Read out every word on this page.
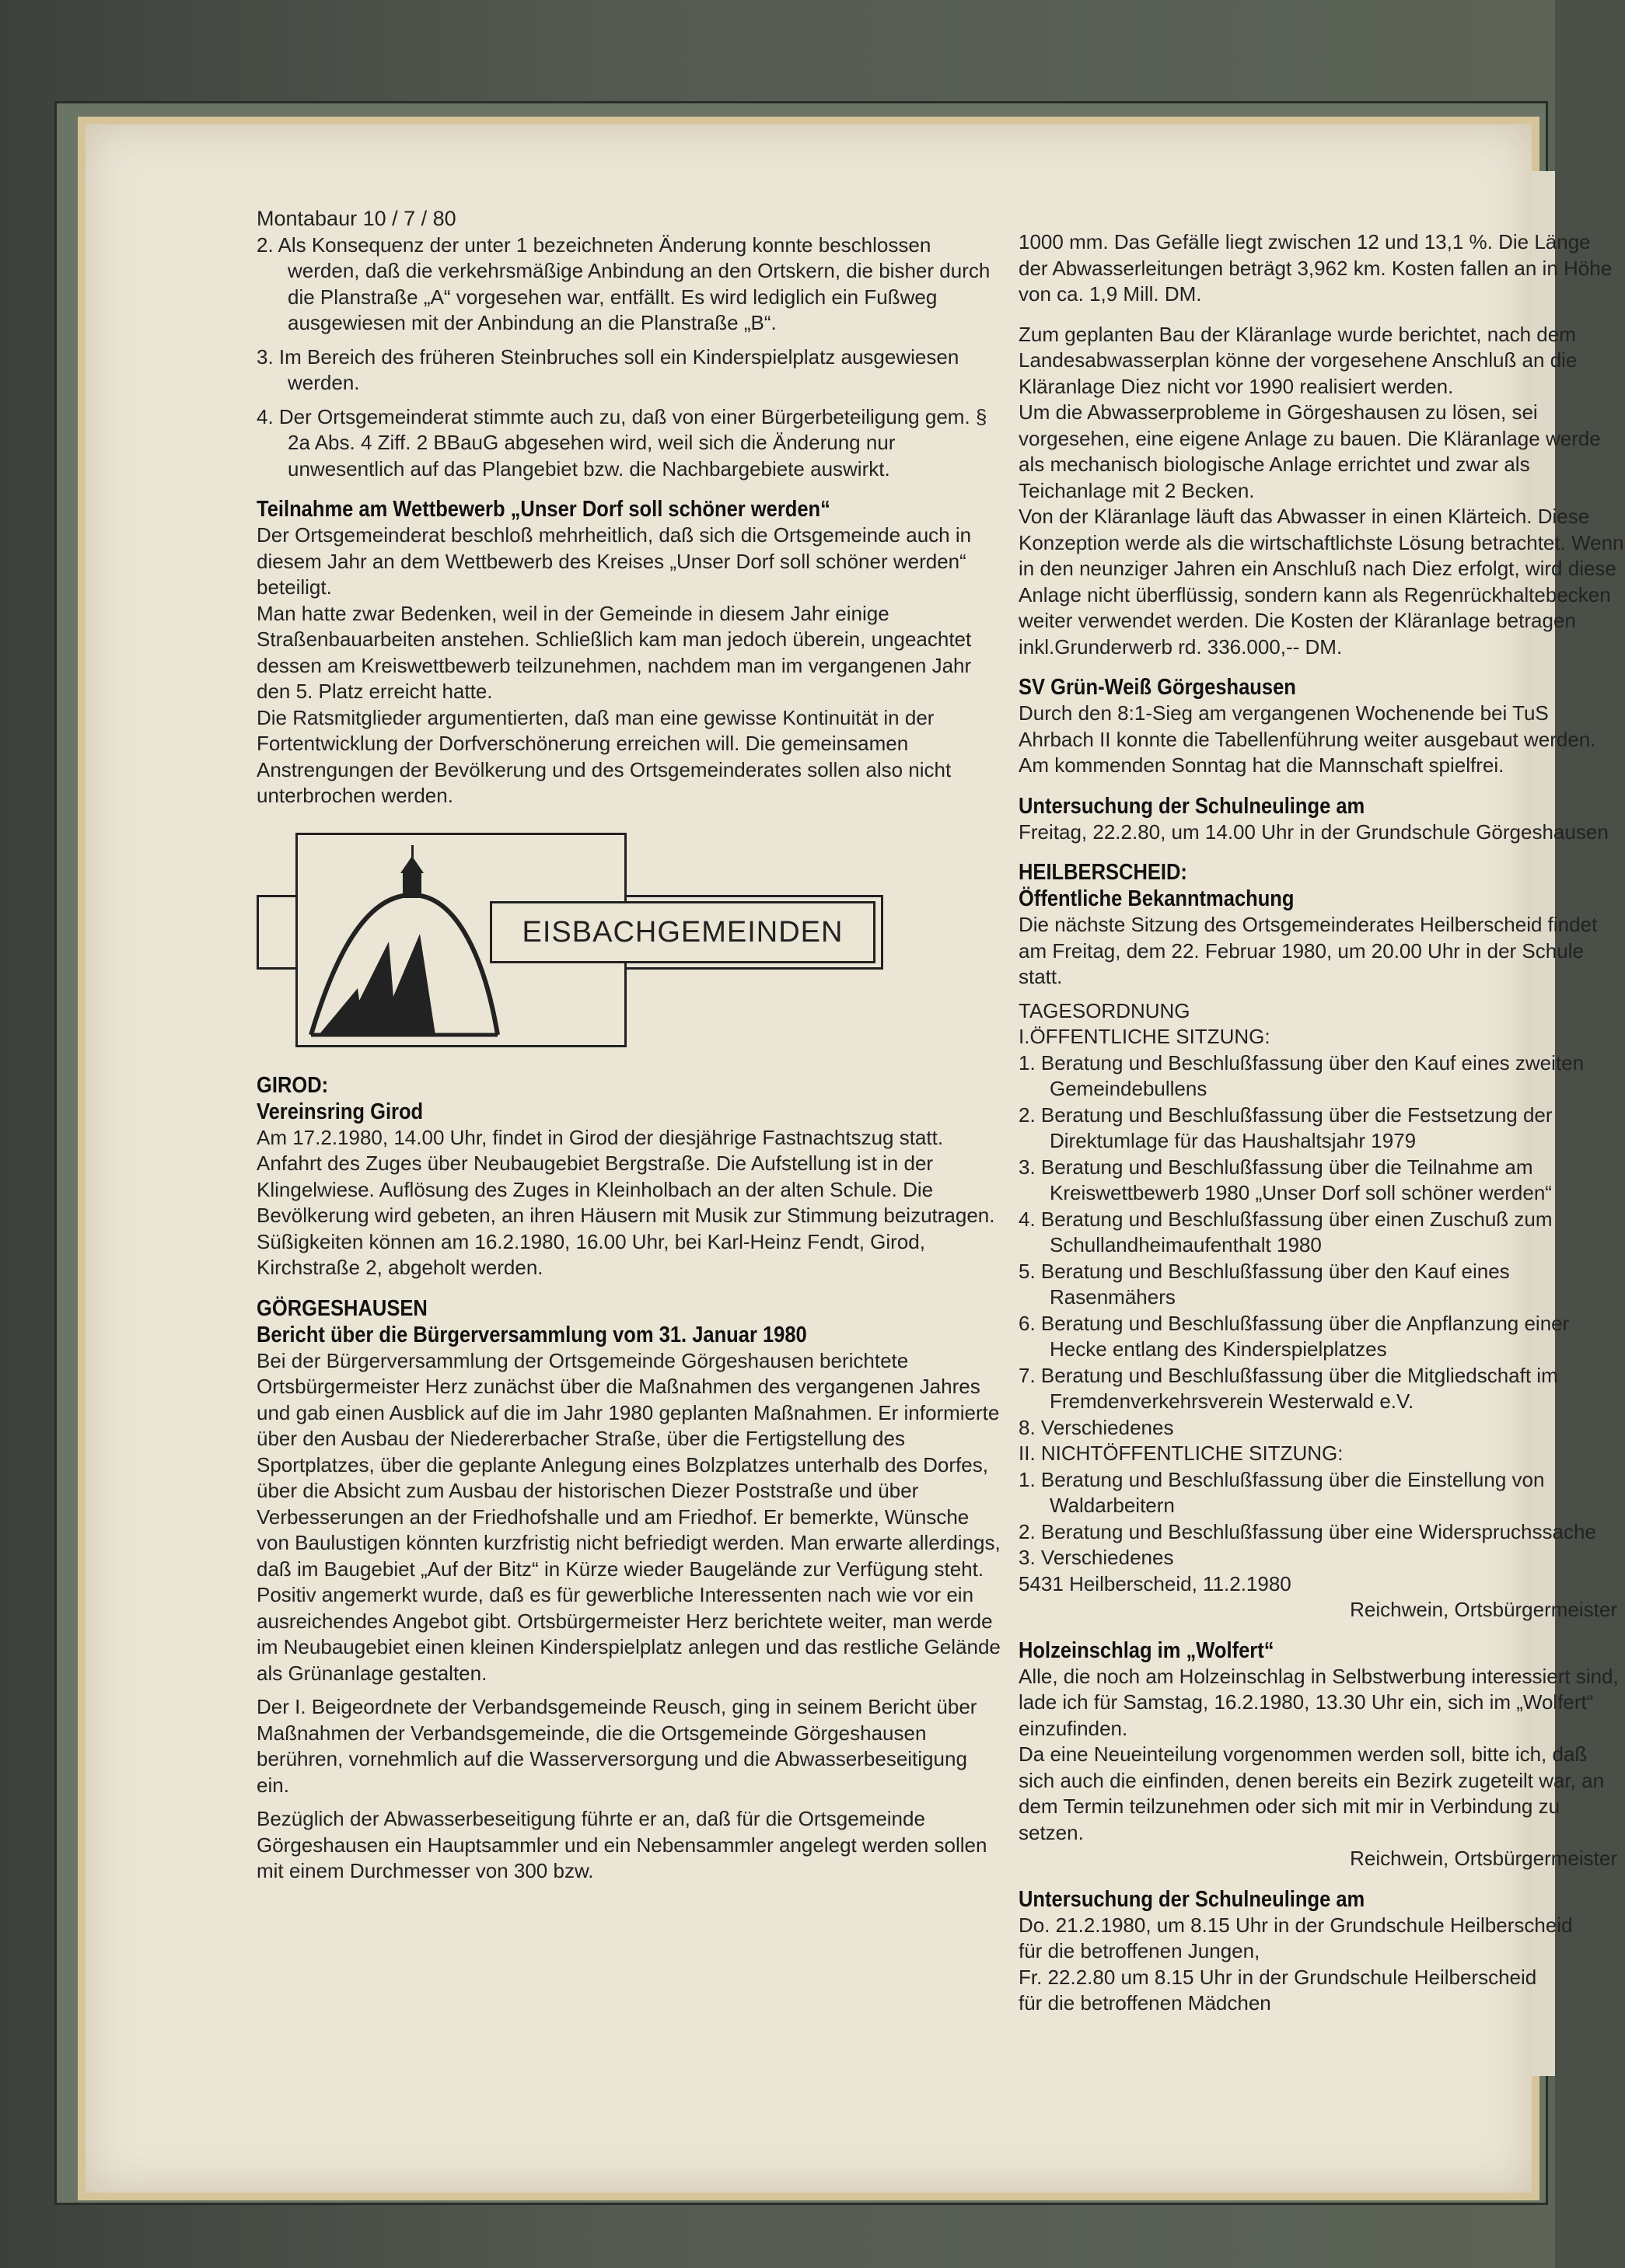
Montabaur 10 / 7 / 80

2. Als Konsequenz der unter 1 bezeichneten Änderung konnte beschlossen werden, daß die verkehrsmäßige Anbindung an den Ortskern, die bisher durch die Planstraße „A“ vorgesehen war, entfällt. Es wird lediglich ein Fußweg ausgewiesen mit der Anbindung an die Planstraße „B“.

3. Im Bereich des früheren Steinbruches soll ein Kinderspielplatz ausgewiesen werden.

4. Der Ortsgemeinderat stimmte auch zu, daß von einer Bürgerbeteiligung gem. § 2a Abs. 4 Ziff. 2 BBauG abgesehen wird, weil sich die Änderung nur unwesentlich auf das Plangebiet bzw. die Nachbargebiete auswirkt.

Teilnahme am Wettbewerb „Unser Dorf soll schöner werden“

Der Ortsgemeinderat beschloß mehrheitlich, daß sich die Ortsgemeinde auch in diesem Jahr an dem Wettbewerb des Kreises „Unser Dorf soll schöner werden“ beteiligt.

Man hatte zwar Bedenken, weil in der Gemeinde in diesem Jahr einige Straßenbauarbeiten anstehen. Schließlich kam man jedoch überein, ungeachtet dessen am Kreiswettbewerb teilzunehmen, nachdem man im vergangenen Jahr den 5. Platz erreicht hatte.

Die Ratsmitglieder argumentierten, daß man eine gewisse Kontinuität in der Fortentwicklung der Dorfverschönerung erreichen will. Die gemeinsamen Anstrengungen der Bevölkerung und des Ortsgemeinderates sollen also nicht unterbrochen werden.

EISBACHGEMEINDEN

GIROD:

Vereinsring Girod

Am 17.2.1980, 14.00 Uhr, findet in Girod der diesjährige Fastnachtszug statt. Anfahrt des Zuges über Neubaugebiet Bergstraße. Die Aufstellung ist in der Klingelwiese. Auflösung des Zuges in Kleinholbach an der alten Schule. Die Bevölkerung wird gebeten, an ihren Häusern mit Musik zur Stimmung beizutragen. Süßigkeiten können am 16.2.1980, 16.00 Uhr, bei Karl-Heinz Fendt, Girod, Kirchstraße 2, abgeholt werden.

GÖRGESHAUSEN

Bericht über die Bürgerversammlung vom 31. Januar 1980

Bei der Bürgerversammlung der Ortsgemeinde Görgeshausen berichtete Ortsbürgermeister Herz zunächst über die Maßnahmen des vergangenen Jahres und gab einen Ausblick auf die im Jahr 1980 geplanten Maßnahmen. Er informierte über den Ausbau der Niedererbacher Straße, über die Fertigstellung des Sportplatzes, über die geplante Anlegung eines Bolzplatzes unterhalb des Dorfes, über die Absicht zum Ausbau der historischen Diezer Poststraße und über Verbesserungen an der Friedhofshalle und am Friedhof. Er bemerkte, Wünsche von Baulustigen könnten kurzfristig nicht befriedigt werden. Man erwarte allerdings, daß im Baugebiet „Auf der Bitz“ in Kürze wieder Baugelände zur Verfügung steht. Positiv angemerkt wurde, daß es für gewerbliche Interessenten nach wie vor ein ausreichendes Angebot gibt. Ortsbürgermeister Herz berichtete weiter, man werde im Neubaugebiet einen kleinen Kinderspielplatz anlegen und das restliche Gelände als Grünanlage gestalten.

Der I. Beigeordnete der Verbandsgemeinde Reusch, ging in seinem Bericht über Maßnahmen der Verbandsgemeinde, die die Ortsgemeinde Görgeshausen berühren, vornehmlich auf die Wasserversorgung und die Abwasserbeseitigung ein.

Bezüglich der Abwasserbeseitigung führte er an, daß für die Ortsgemeinde Görgeshausen ein Hauptsammler und ein Nebensammler angelegt werden sollen mit einem Durchmesser von 300 bzw.

1000 mm. Das Gefälle liegt zwischen 12 und 13,1 %. Die Länge der Abwasserleitungen beträgt 3,962 km. Kosten fallen an in Höhe von ca. 1,9 Mill. DM.

Zum geplanten Bau der Kläranlage wurde berichtet, nach dem Landesabwasserplan könne der vorgesehene Anschluß an die Kläranlage Diez nicht vor 1990 realisiert werden.

Um die Abwasserprobleme in Görgeshausen zu lösen, sei vorgesehen, eine eigene Anlage zu bauen. Die Kläranlage werde als mechanisch biologische Anlage errichtet und zwar als Teichanlage mit 2 Becken.

Von der Kläranlage läuft das Abwasser in einen Klärteich. Diese Konzeption werde als die wirtschaftlichste Lösung betrachtet. Wenn in den neunziger Jahren ein Anschluß nach Diez erfolgt, wird diese Anlage nicht überflüssig, sondern kann als Regenrückhaltebecken weiter verwendet werden. Die Kosten der Kläranlage betragen inkl.Grunderwerb rd. 336.000,-- DM.

SV Grün-Weiß Görgeshausen

Durch den 8:1-Sieg am vergangenen Wochenende bei TuS Ahrbach II konnte die Tabellenführung weiter ausgebaut werden. Am kommenden Sonntag hat die Mannschaft spielfrei.

Untersuchung der Schulneulinge am

Freitag, 22.2.80, um 14.00 Uhr in der Grundschule Görgeshausen

HEILBERSCHEID:

Öffentliche Bekanntmachung

Die nächste Sitzung des Ortsgemeinderates Heilberscheid findet am Freitag, dem 22. Februar 1980, um 20.00 Uhr in der Schule statt.

TAGESORDNUNG

I.ÖFFENTLICHE SITZUNG:

1. Beratung und Beschlußfassung über den Kauf eines zweiten Gemeindebullens

2. Beratung und Beschlußfassung über die Festsetzung der Direktumlage für das Haushaltsjahr 1979

3. Beratung und Beschlußfassung über die Teilnahme am Kreiswettbewerb 1980 „Unser Dorf soll schöner werden“

4. Beratung und Beschlußfassung über einen Zuschuß zum Schullandheimaufenthalt 1980

5. Beratung und Beschlußfassung über den Kauf eines Rasenmähers

6. Beratung und Beschlußfassung über die Anpflanzung einer Hecke entlang des Kinderspielplatzes

7. Beratung und Beschlußfassung über die Mitgliedschaft im Fremdenverkehrsverein Westerwald e.V.

8. Verschiedenes

II. NICHTÖFFENTLICHE SITZUNG:

1. Beratung und Beschlußfassung über die Einstellung von Waldarbeitern

2. Beratung und Beschlußfassung über eine Widerspruchssache

3. Verschiedenes

5431 Heilberscheid, 11.2.1980

Reichwein, Ortsbürgermeister

Holzeinschlag im „Wolfert“

Alle, die noch am Holzeinschlag in Selbstwerbung interessiert sind, lade ich für Samstag, 16.2.1980, 13.30 Uhr ein, sich im „Wolfert“ einzufinden.

Da eine Neueinteilung vorgenommen werden soll, bitte ich, daß sich auch die einfinden, denen bereits ein Bezirk zugeteilt war, an dem Termin teilzunehmen oder sich mit mir in Verbindung zu setzen.

Reichwein, Ortsbürgermeister

Untersuchung der Schulneulinge am

Do. 21.2.1980, um 8.15 Uhr in der Grundschule Heilberscheid

für die betroffenen Jungen,

Fr. 22.2.80 um 8.15 Uhr in der Grundschule Heilberscheid

für die betroffenen Mädchen
